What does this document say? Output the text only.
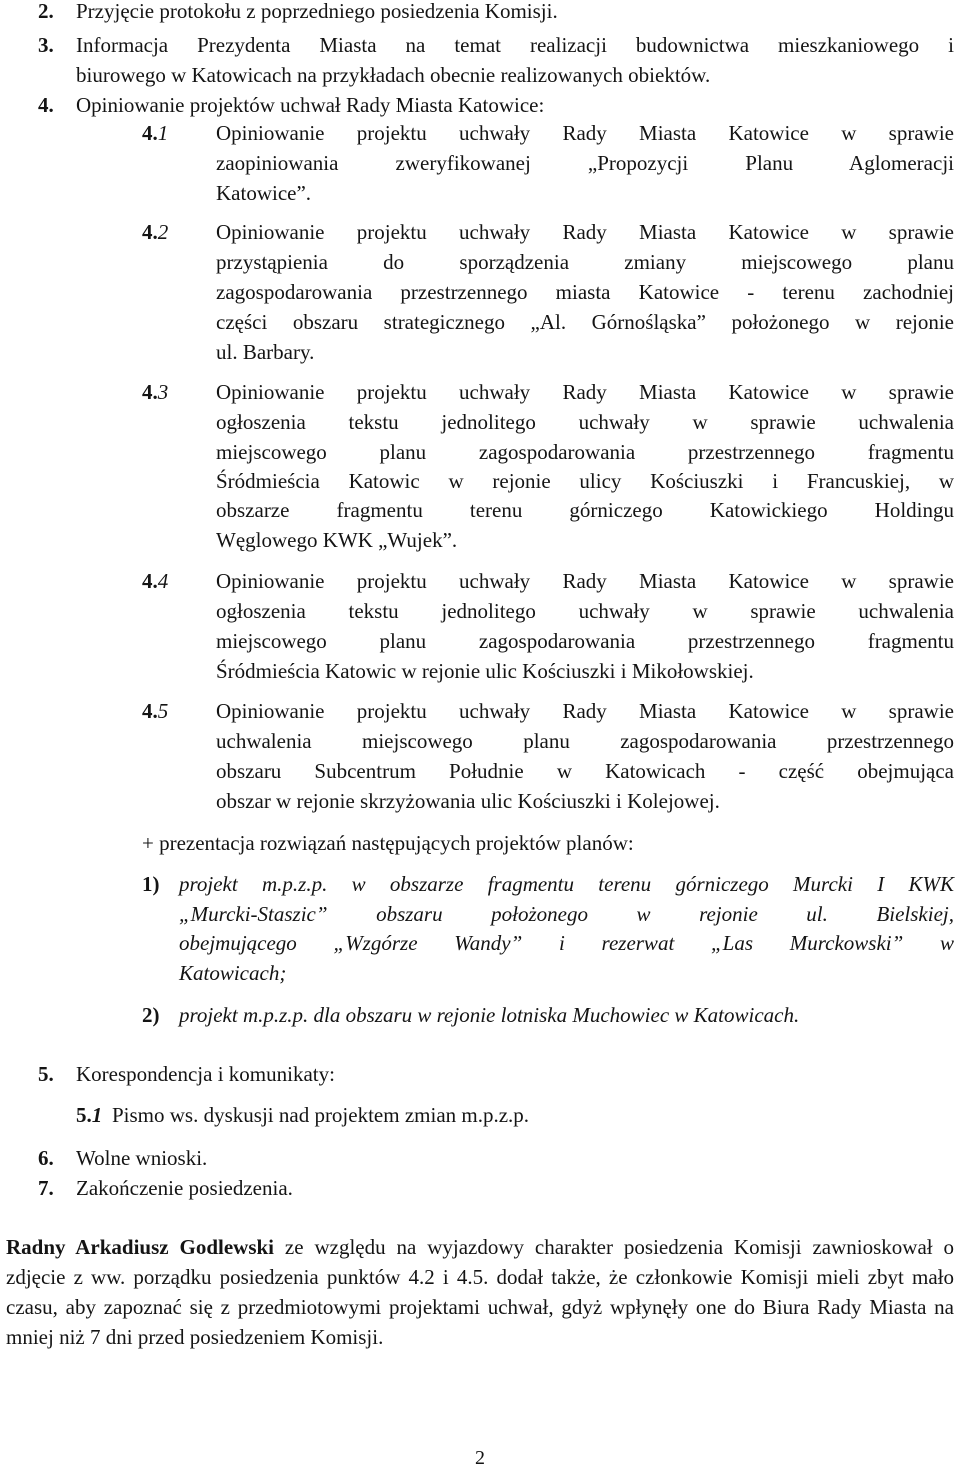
2. Przyjęcie protokołu z poprzedniego posiedzenia Komisji.
3. Informacja Prezydenta Miasta na temat realizacji budownictwa mieszkaniowego i
biurowego w Katowicach na przykładach obecnie realizowanych obiektów.
4. Opiniowanie projektów uchwał Rady Miasta Katowice:
4.1 Opiniowanie projektu uchwały Rady Miasta Katowice w sprawie
zaopiniowania zweryfikowanej „Propozycji Planu Aglomeracji
Katowice”.
4.2 Opiniowanie projektu uchwały Rady Miasta Katowice w sprawie
przystąpienia do sporządzenia zmiany miejscowego planu
zagospodarowania przestrzennego miasta Katowice - terenu zachodniej
części obszaru strategicznego „Al. Górnośląska” położonego w rejonie
ul. Barbary.
4.3 Opiniowanie projektu uchwały Rady Miasta Katowice w sprawie
ogłoszenia tekstu jednolitego uchwały w sprawie uchwalenia
miejscowego planu zagospodarowania przestrzennego fragmentu
Śródmieścia Katowic w rejonie ulicy Kościuszki i Francuskiej, w
obszarze fragmentu terenu górniczego Katowickiego Holdingu
Węglowego KWK „Wujek”.
4.4 Opiniowanie projektu uchwały Rady Miasta Katowice w sprawie
ogłoszenia tekstu jednolitego uchwały w sprawie uchwalenia
miejscowego planu zagospodarowania przestrzennego fragmentu
Śródmieścia Katowic w rejonie ulic Kościuszki i Mikołowskiej.
4.5 Opiniowanie projektu uchwały Rady Miasta Katowice w sprawie
uchwalenia miejscowego planu zagospodarowania przestrzennego
obszaru Subcentrum Południe w Katowicach - część obejmująca
obszar w rejonie skrzyżowania ulic Kościuszki i Kolejowej.
+ prezentacja rozwiązań następujących projektów planów:
1) projekt m.p.z.p. w obszarze fragmentu terenu górniczego Murcki I KWK
„Murcki-Staszic” obszaru położonego w rejonie ul. Bielskiej,
obejmującego „Wzgórze Wandy” i rezerwat „Las Murckowski” w
Katowicach;
2) projekt m.p.z.p. dla obszaru w rejonie lotniska Muchowiec w Katowicach.
5. Korespondencja i komunikaty:
5.1 Pismo ws. dyskusji nad projektem zmian m.p.z.p.
6. Wolne wnioski.
7. Zakończenie posiedzenia.
Radny Arkadiusz Godlewski ze względu na wyjazdowy charakter posiedzenia Komisji zawnioskował o zdjęcie z ww. porządku posiedzenia punktów 4.2 i 4.5. dodał także, że członkowie Komisji mieli zbyt mało czasu, aby zapoznać się z przedmiotowymi projektami uchwał, gdyż wpłynęły one do Biura Rady Miasta na mniej niż 7 dni przed posiedzeniem Komisji.
2
